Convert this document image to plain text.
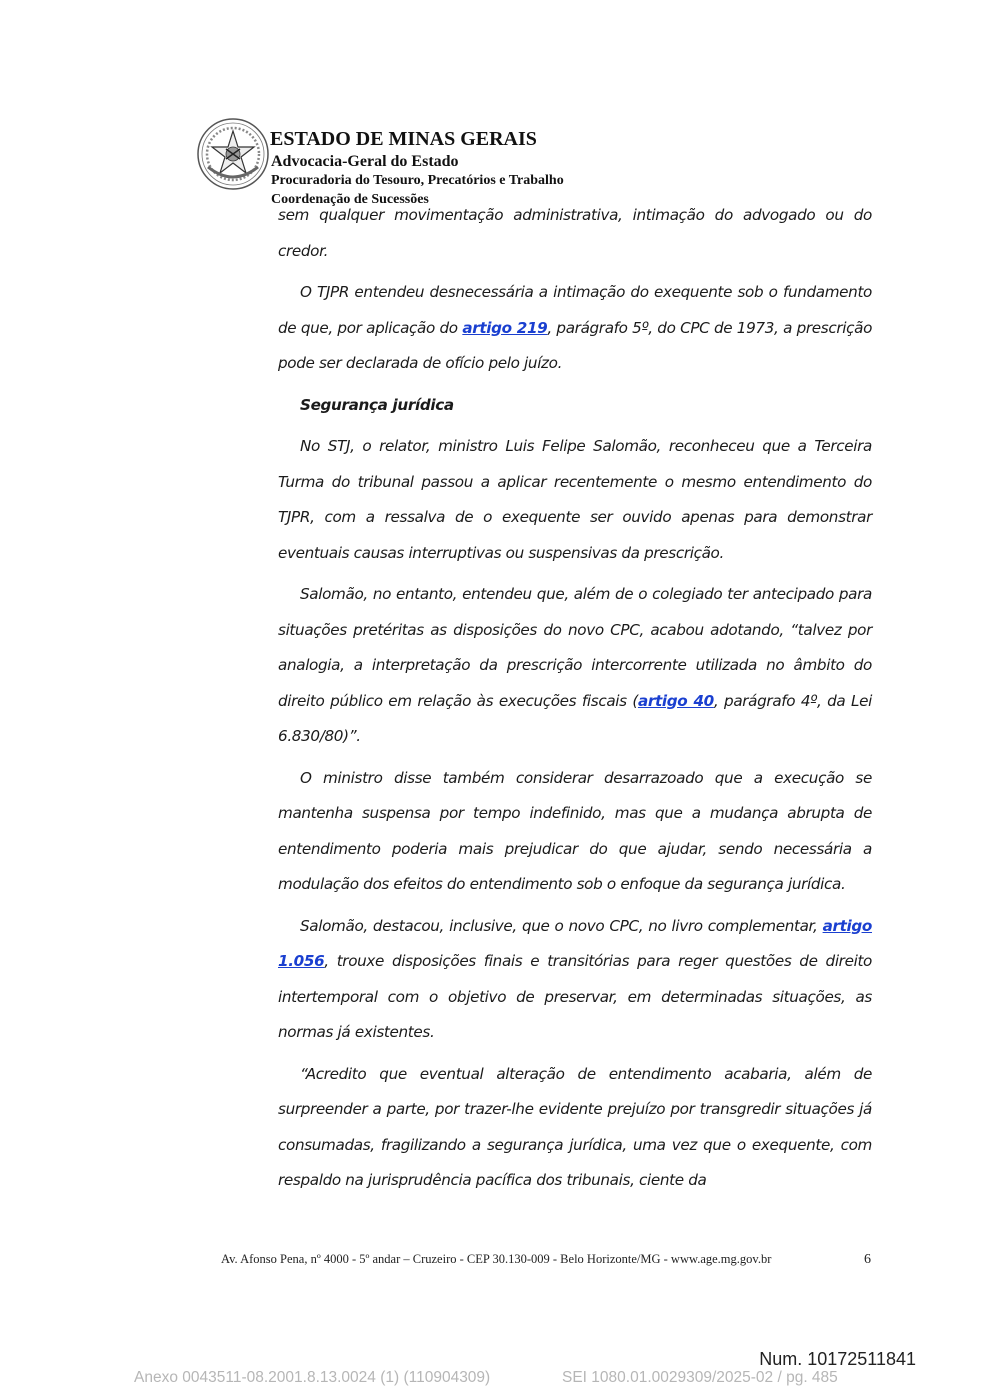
ESTADO DE MINAS GERAIS
Advocacia-Geral do Estado
Procuradoria do Tesouro, Precatórios e Trabalho
Coordenação de Sucessões

sem qualquer movimentação administrativa, intimação do advogado ou do credor.

O TJPR entendeu desnecessária a intimação do exequente sob o fundamento de que, por aplicação do artigo 219, parágrafo 5º, do CPC de 1973, a prescrição pode ser declarada de ofício pelo juízo.

Segurança jurídica

No STJ, o relator, ministro Luis Felipe Salomão, reconheceu que a Terceira Turma do tribunal passou a aplicar recentemente o mesmo entendimento do TJPR, com a ressalva de o exequente ser ouvido apenas para demonstrar eventuais causas interruptivas ou suspensivas da prescrição.

Salomão, no entanto, entendeu que, além de o colegiado ter antecipado para situações pretéritas as disposições do novo CPC, acabou adotando, “talvez por analogia, a interpretação da prescrição intercorrente utilizada no âmbito do direito público em relação às execuções fiscais (artigo 40, parágrafo 4º, da Lei 6.830/80)”.

O ministro disse também considerar desarrazoado que a execução se mantenha suspensa por tempo indefinido, mas que a mudança abrupta de entendimento poderia mais prejudicar do que ajudar, sendo necessária a modulação dos efeitos do entendimento sob o enfoque da segurança jurídica.

Salomão, destacou, inclusive, que o novo CPC, no livro complementar, artigo 1.056, trouxe disposições finais e transitórias para reger questões de direito intertemporal com o objetivo de preservar, em determinadas situações, as normas já existentes.

“Acredito que eventual alteração de entendimento acabaria, além de surpreender a parte, por trazer-lhe evidente prejuízo por transgredir situações já consumadas, fragilizando a segurança jurídica, uma vez que o exequente, com respaldo na jurisprudência pacífica dos tribunais, ciente da

Av. Afonso Pena, nº 4000 - 5º andar – Cruzeiro - CEP 30.130-009 - Belo Horizonte/MG - www.age.mg.gov.br	6
Num. 10172511841
Anexo 0043511-08.2001.8.13.0024 (1) (110904309)	SEI 1080.01.0029309/2025-02 / pg. 485
